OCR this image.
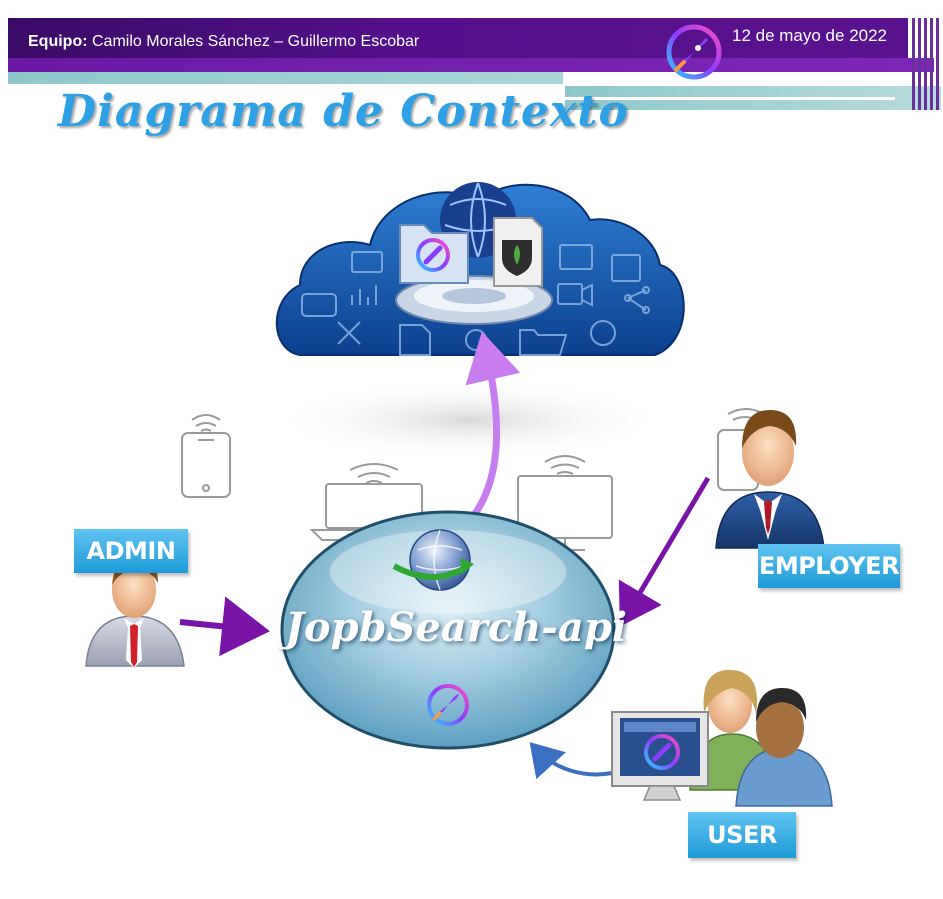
Equipo: Camilo Morales Sánchez – Guillermo Escobar	12 de mayo de 2022
Diagrama de Contexto
JopbSearch-api
ADMIN
EMPLOYER
USER
